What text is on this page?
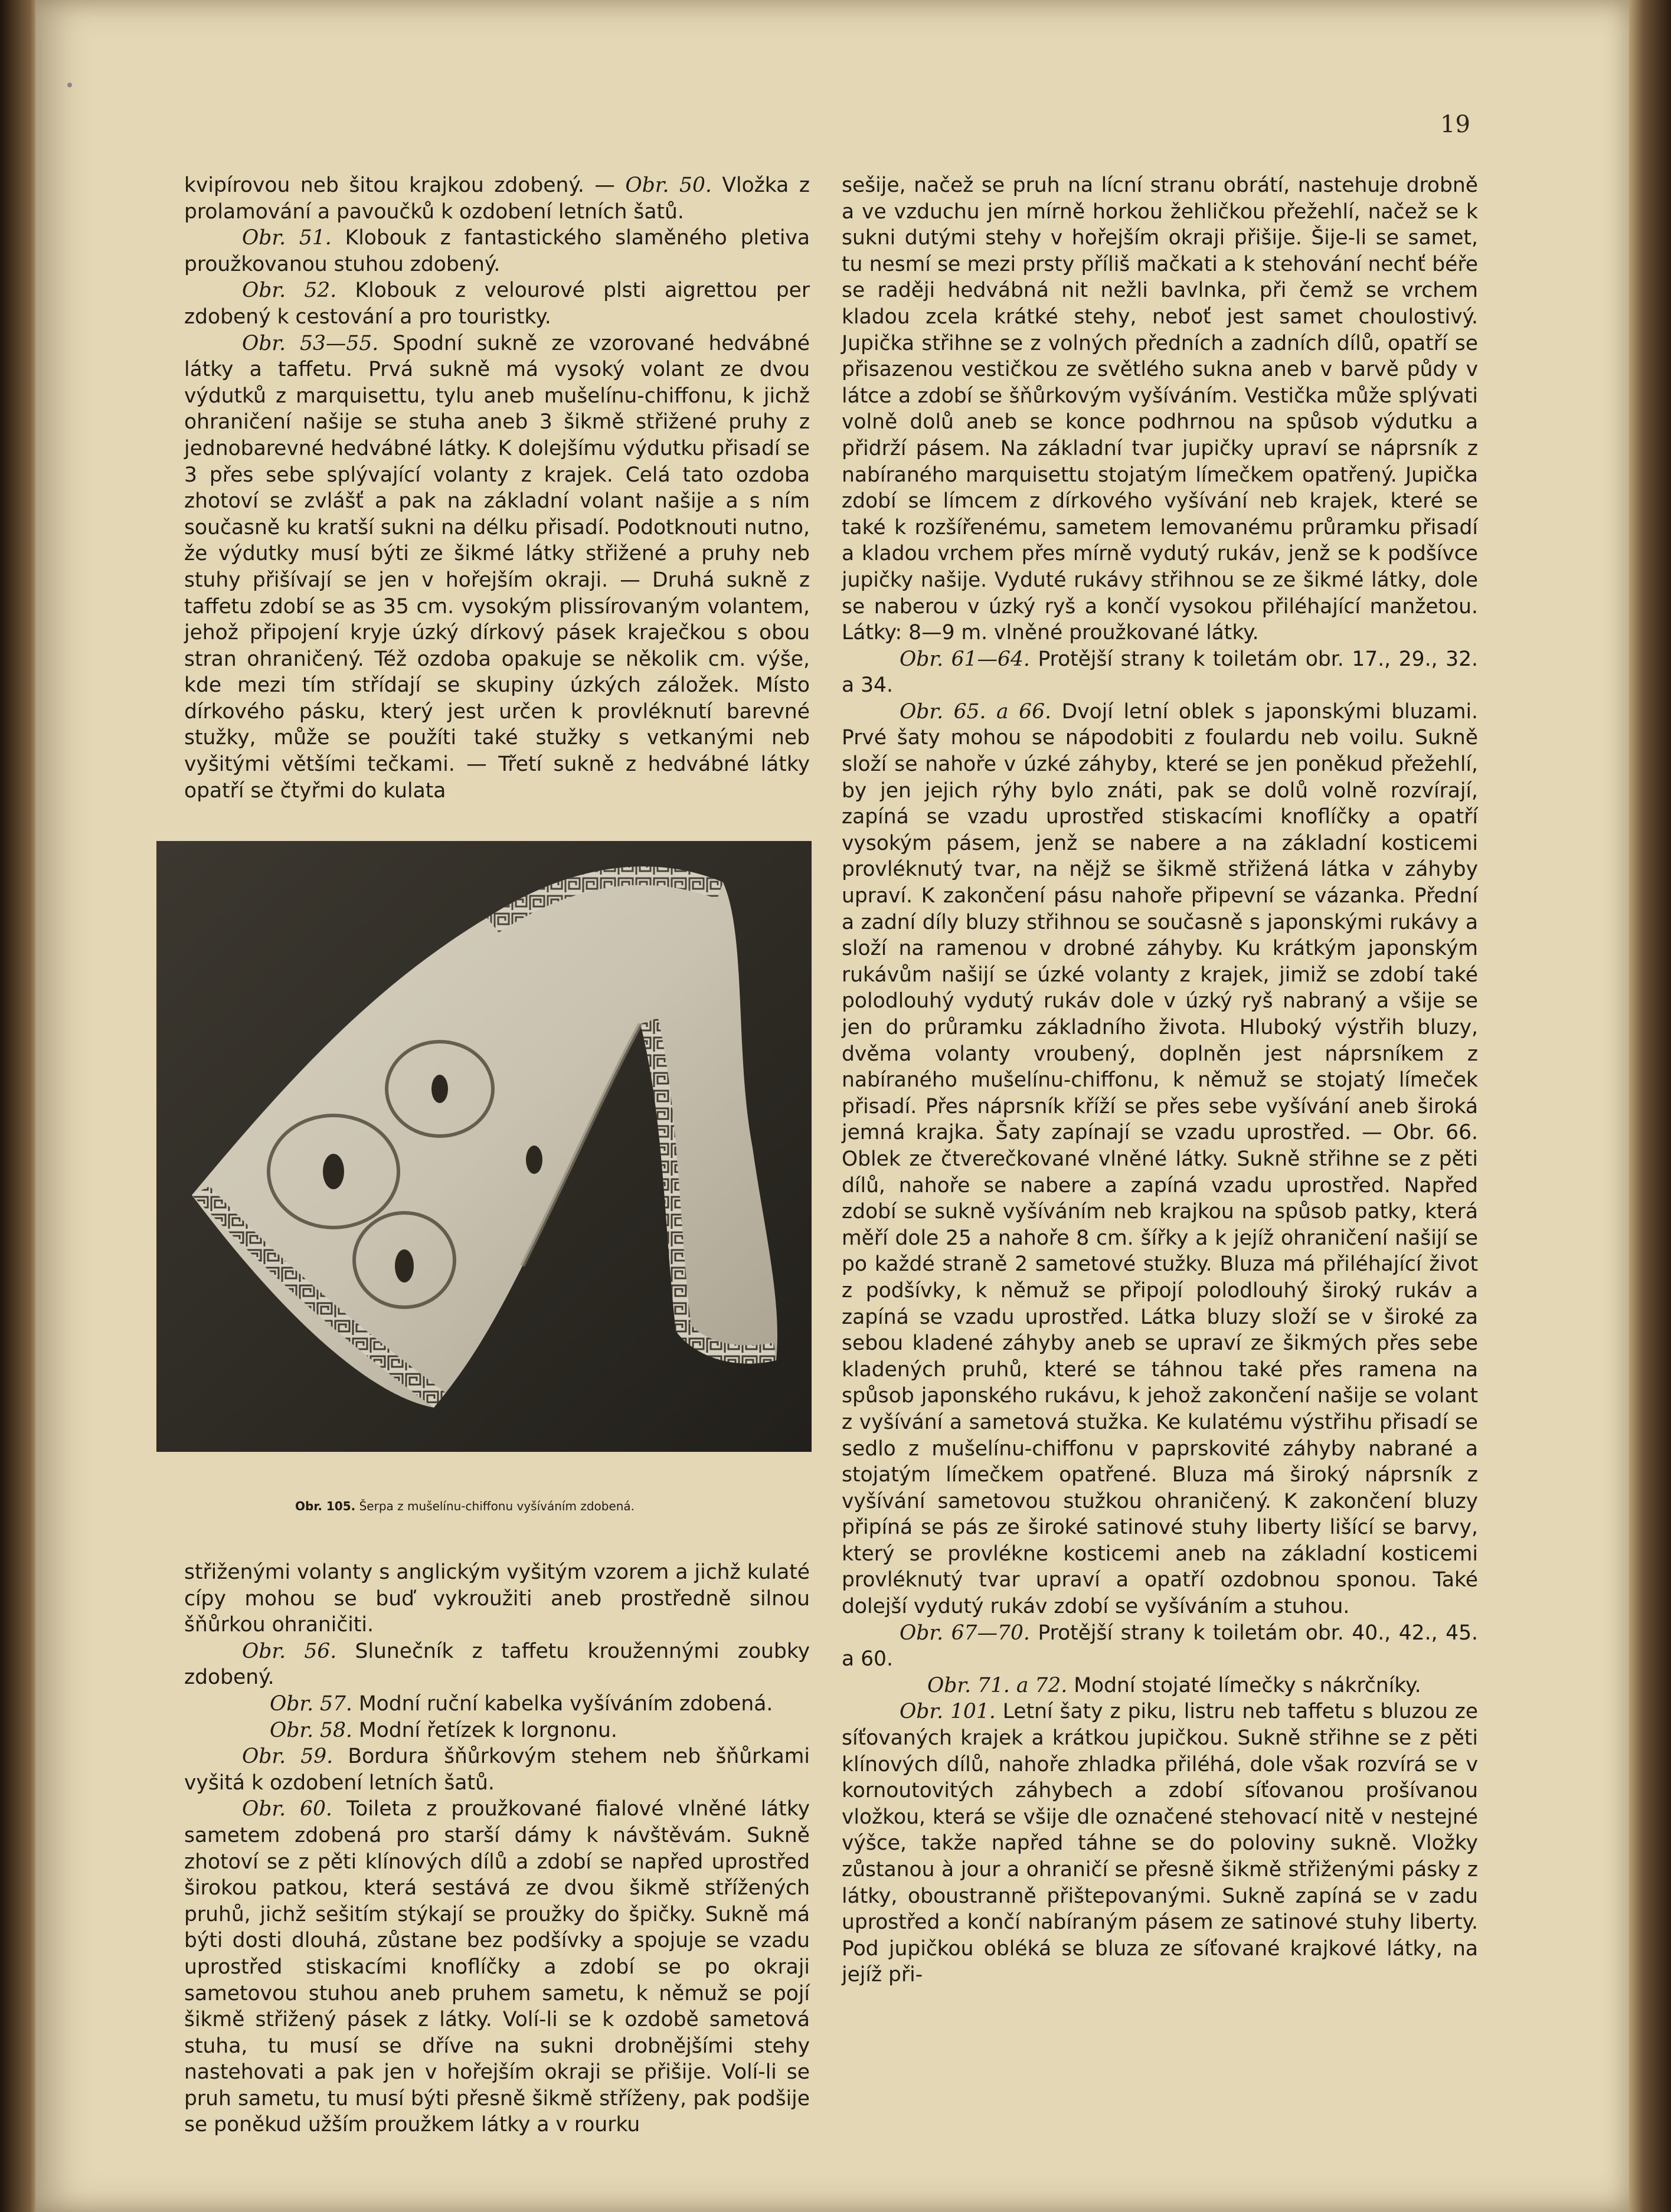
19

kvipírovou neb šitou krajkou zdobený. — Obr. 50. Vložka z prolamování a pavoučků k ozdobení letních šatů.

Obr. 51. Klobouk z fantastického slaměného pletiva proužkovanou stuhou zdobený.

Obr. 52. Klobouk z velourové plsti aigrettou per zdobený k cestování a pro touristky.

Obr. 53—55. Spodní sukně ze vzorované hedvábné látky a taffetu. Prvá sukně má vysoký volant ze dvou výdutků z marquisettu, tylu aneb mušelínu-chiffonu, k jichž ohraničení našije se stuha aneb 3 šikmě střižené pruhy z jednobarevné hedvábné látky. K dolejšímu výdutku přisadí se 3 přes sebe splývající volanty z krajek. Celá tato ozdoba zhotoví se zvlášť a pak na základní volant našije a s ním současně ku kratší sukni na délku přisadí. Podotknouti nutno, že výdutky musí býti ze šikmé látky střižené a pruhy neb stuhy přišívají se jen v hořejším okraji. — Druhá sukně z taffetu zdobí se as 35 cm. vysokým plissírovaným volantem, jehož připojení kryje úzký dírkový pásek kraječkou s obou stran ohraničený. Též ozdoba opakuje se několik cm. výše, kde mezi tím střídají se skupiny úzkých záložek. Místo dírkového pásku, který jest určen k provléknutí barevné stužky, může se použíti také stužky s vetkanými neb vyšitými většími tečkami. — Třetí sukně z hedvábné látky opatří se čtyřmi do kulata

Obr. 105. Šerpa z mušelínu-chiffonu vyšíváním zdobená.

střiženými volanty s anglickým vyšitým vzorem a jichž kulaté cípy mohou se buď vykroužiti aneb prostředně silnou šňůrkou ohraničiti.

Obr. 56. Slunečník z taffetu kroužennými zoubky zdobený.

Obr. 57. Modní ruční kabelka vyšíváním zdobená.

Obr. 58. Modní řetízek k lorgnonu.

Obr. 59. Bordura šňůrkovým stehem neb šňůrkami vyšitá k ozdobení letních šatů.

Obr. 60. Toileta z proužkované fialové vlněné látky sametem zdobená pro starší dámy k návštěvám. Sukně zhotoví se z pěti klínových dílů a zdobí se napřed uprostřed širokou patkou, která sestává ze dvou šikmě střížených pruhů, jichž sešitím stýkají se proužky do špičky. Sukně má býti dosti dlouhá, zůstane bez podšívky a spojuje se vzadu uprostřed stiskacími knoflíčky a zdobí se po okraji sametovou stuhou aneb pruhem sametu, k němuž se pojí šikmě střižený pásek z látky. Volí-li se k ozdobě sametová stuha, tu musí se dříve na sukni drobnějšími stehy nastehovati a pak jen v hořejším okraji se přišije. Volí-li se pruh sametu, tu musí býti přesně šikmě stříženy, pak podšije se poněkud užším proužkem látky a v rourku

sešije, načež se pruh na lícní stranu obrátí, nastehuje drobně a ve vzduchu jen mírně horkou žehličkou přežehlí, načež se k sukni dutými stehy v hořejším okraji přišije. Šije-li se samet, tu nesmí se mezi prsty příliš mačkati a k stehování nechť béře se raději hedvábná nit nežli bavlnka, při čemž se vrchem kladou zcela krátké stehy, neboť jest samet choulostivý. Jupička střihne se z volných předních a zadních dílů, opatří se přisazenou vestičkou ze světlého sukna aneb v barvě půdy v látce a zdobí se šňůrkovým vyšíváním. Vestička může splývati volně dolů aneb se konce podhrnou na spůsob výdutku a přidrží pásem. Na základní tvar jupičky upraví se náprsník z nabíraného marquisettu stojatým límečkem opatřený. Jupička zdobí se límcem z dírkového vyšívání neb krajek, které se také k rozšířenému, sametem lemovanému průramku přisadí a kladou vrchem přes mírně vydutý rukáv, jenž se k podšívce jupičky našije. Vyduté rukávy střihnou se ze šikmé látky, dole se naberou v úzký ryš a končí vysokou přiléhající manžetou. Látky: 8—9 m. vlněné proužkované látky.

Obr. 61—64. Protější strany k toiletám obr. 17., 29., 32. a 34.

Obr. 65. a 66. Dvojí letní oblek s japonskými bluzami. Prvé šaty mohou se nápodobiti z foulardu neb voilu. Sukně složí se nahoře v úzké záhyby, které se jen poněkud přežehlí, by jen jejich rýhy bylo znáti, pak se dolů volně rozvírají, zapíná se vzadu uprostřed stiskacími knoflíčky a opatří vysokým pásem, jenž se nabere a na základní kosticemi provléknutý tvar, na nějž se šikmě střižená látka v záhyby upraví. K zakončení pásu nahoře připevní se vázanka. Přední a zadní díly bluzy střihnou se současně s japonskými rukávy a složí na ramenou v drobné záhyby. Ku krátkým japonským rukávům našijí se úzké volanty z krajek, jimiž se zdobí také polodlouhý vydutý rukáv dole v úzký ryš nabraný a všije se jen do průramku základního života. Hluboký výstřih bluzy, dvěma volanty vroubený, doplněn jest náprsníkem z nabíraného mušelínu-chiffonu, k němuž se stojatý límeček přisadí. Přes náprsník kříží se přes sebe vyšívání aneb široká jemná krajka. Šaty zapínají se vzadu uprostřed. — Obr. 66. Oblek ze čtverečkované vlněné látky. Sukně střihne se z pěti dílů, nahoře se nabere a zapíná vzadu uprostřed. Napřed zdobí se sukně vyšíváním neb krajkou na spůsob patky, která měří dole 25 a nahoře 8 cm. šířky a k jejíž ohraničení našijí se po každé straně 2 sametové stužky. Bluza má přiléhající život z podšívky, k němuž se připojí polodlouhý široký rukáv a zapíná se vzadu uprostřed. Látka bluzy složí se v široké za sebou kladené záhyby aneb se upraví ze šikmých přes sebe kladených pruhů, které se táhnou také přes ramena na spůsob japonského rukávu, k jehož zakončení našije se volant z vyšívání a sametová stužka. Ke kulatému výstřihu přisadí se sedlo z mušelínu-chiffonu v paprskovité záhyby nabrané a stojatým límečkem opatřené. Bluza má široký náprsník z vyšívání sametovou stužkou ohraničený. K zakončení bluzy připíná se pás ze široké satinové stuhy liberty lišící se barvy, který se provlékne kosticemi aneb na základní kosticemi provléknutý tvar upraví a opatří ozdobnou sponou. Také dolejší vydutý rukáv zdobí se vyšíváním a stuhou.

Obr. 67—70. Protější strany k toiletám obr. 40., 42., 45. a 60.

Obr. 71. a 72. Modní stojaté límečky s nákrčníky.

Obr. 101. Letní šaty z piku, listru neb taffetu s bluzou ze síťovaných krajek a krátkou jupičkou. Sukně střihne se z pěti klínových dílů, nahoře zhladka přiléhá, dole však rozvírá se v kornoutovitých záhybech a zdobí síťovanou prošívanou vložkou, která se všije dle označené stehovací nitě v nestejné výšce, takže napřed táhne se do poloviny sukně. Vložky zůstanou à jour a ohraničí se přesně šikmě střiženými pásky z látky, oboustranně přištepovanými. Sukně zapíná se v zadu uprostřed a končí nabíraným pásem ze satinové stuhy liberty. Pod jupičkou obléká se bluza ze síťované krajkové látky, na jejíž při-
